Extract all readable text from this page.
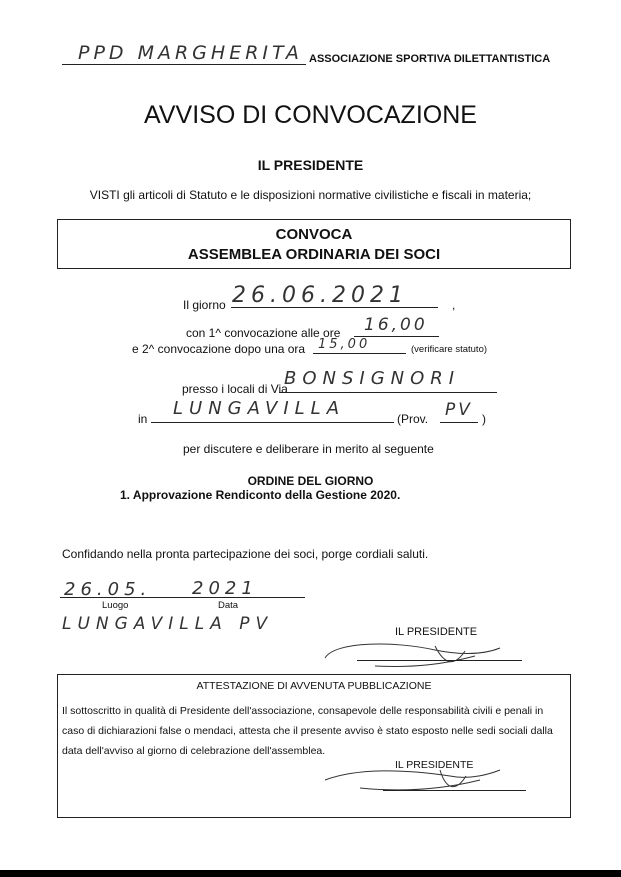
PPD MARGHERITA ASSOCIAZIONE SPORTIVA DILETTANTISTICA
AVVISO DI CONVOCAZIONE
IL PRESIDENTE
VISTI gli articoli di Statuto e le disposizioni normative civilistiche e fiscali in materia;
CONVOCA
ASSEMBLEA ORDINARIA DEI SOCI
Il giorno 26.06.2021	,
con 1^ convocazione alle ore 16,00
e 2^ convocazione dopo una ora 15,00	(verificare statuto)
presso i locali di Via
BONSIGNORI
in LUNGAVILLA	(Prov. PV )
per discutere e deliberare in merito al seguente
ORDINE DEL GIORNO
1. Approvazione Rendiconto della Gestione 2020.
Confidando nella pronta partecipazione dei soci, porge cordiali saluti.
26.05. 2021
Luogo	Data
LUNGAVILLA PV	IL PRESIDENTE
ATTESTAZIONE DI AVVENUTA PUBBLICAZIONE
Il sottoscritto in qualità di Presidente dell'associazione, consapevole delle responsabilità civili e penali in caso di dichiarazioni false o mendaci, attesta che il presente avviso è stato esposto nelle sedi sociali dalla data dell'avviso al giorno di celebrazione dell'assemblea.
IL PRESIDENTE
